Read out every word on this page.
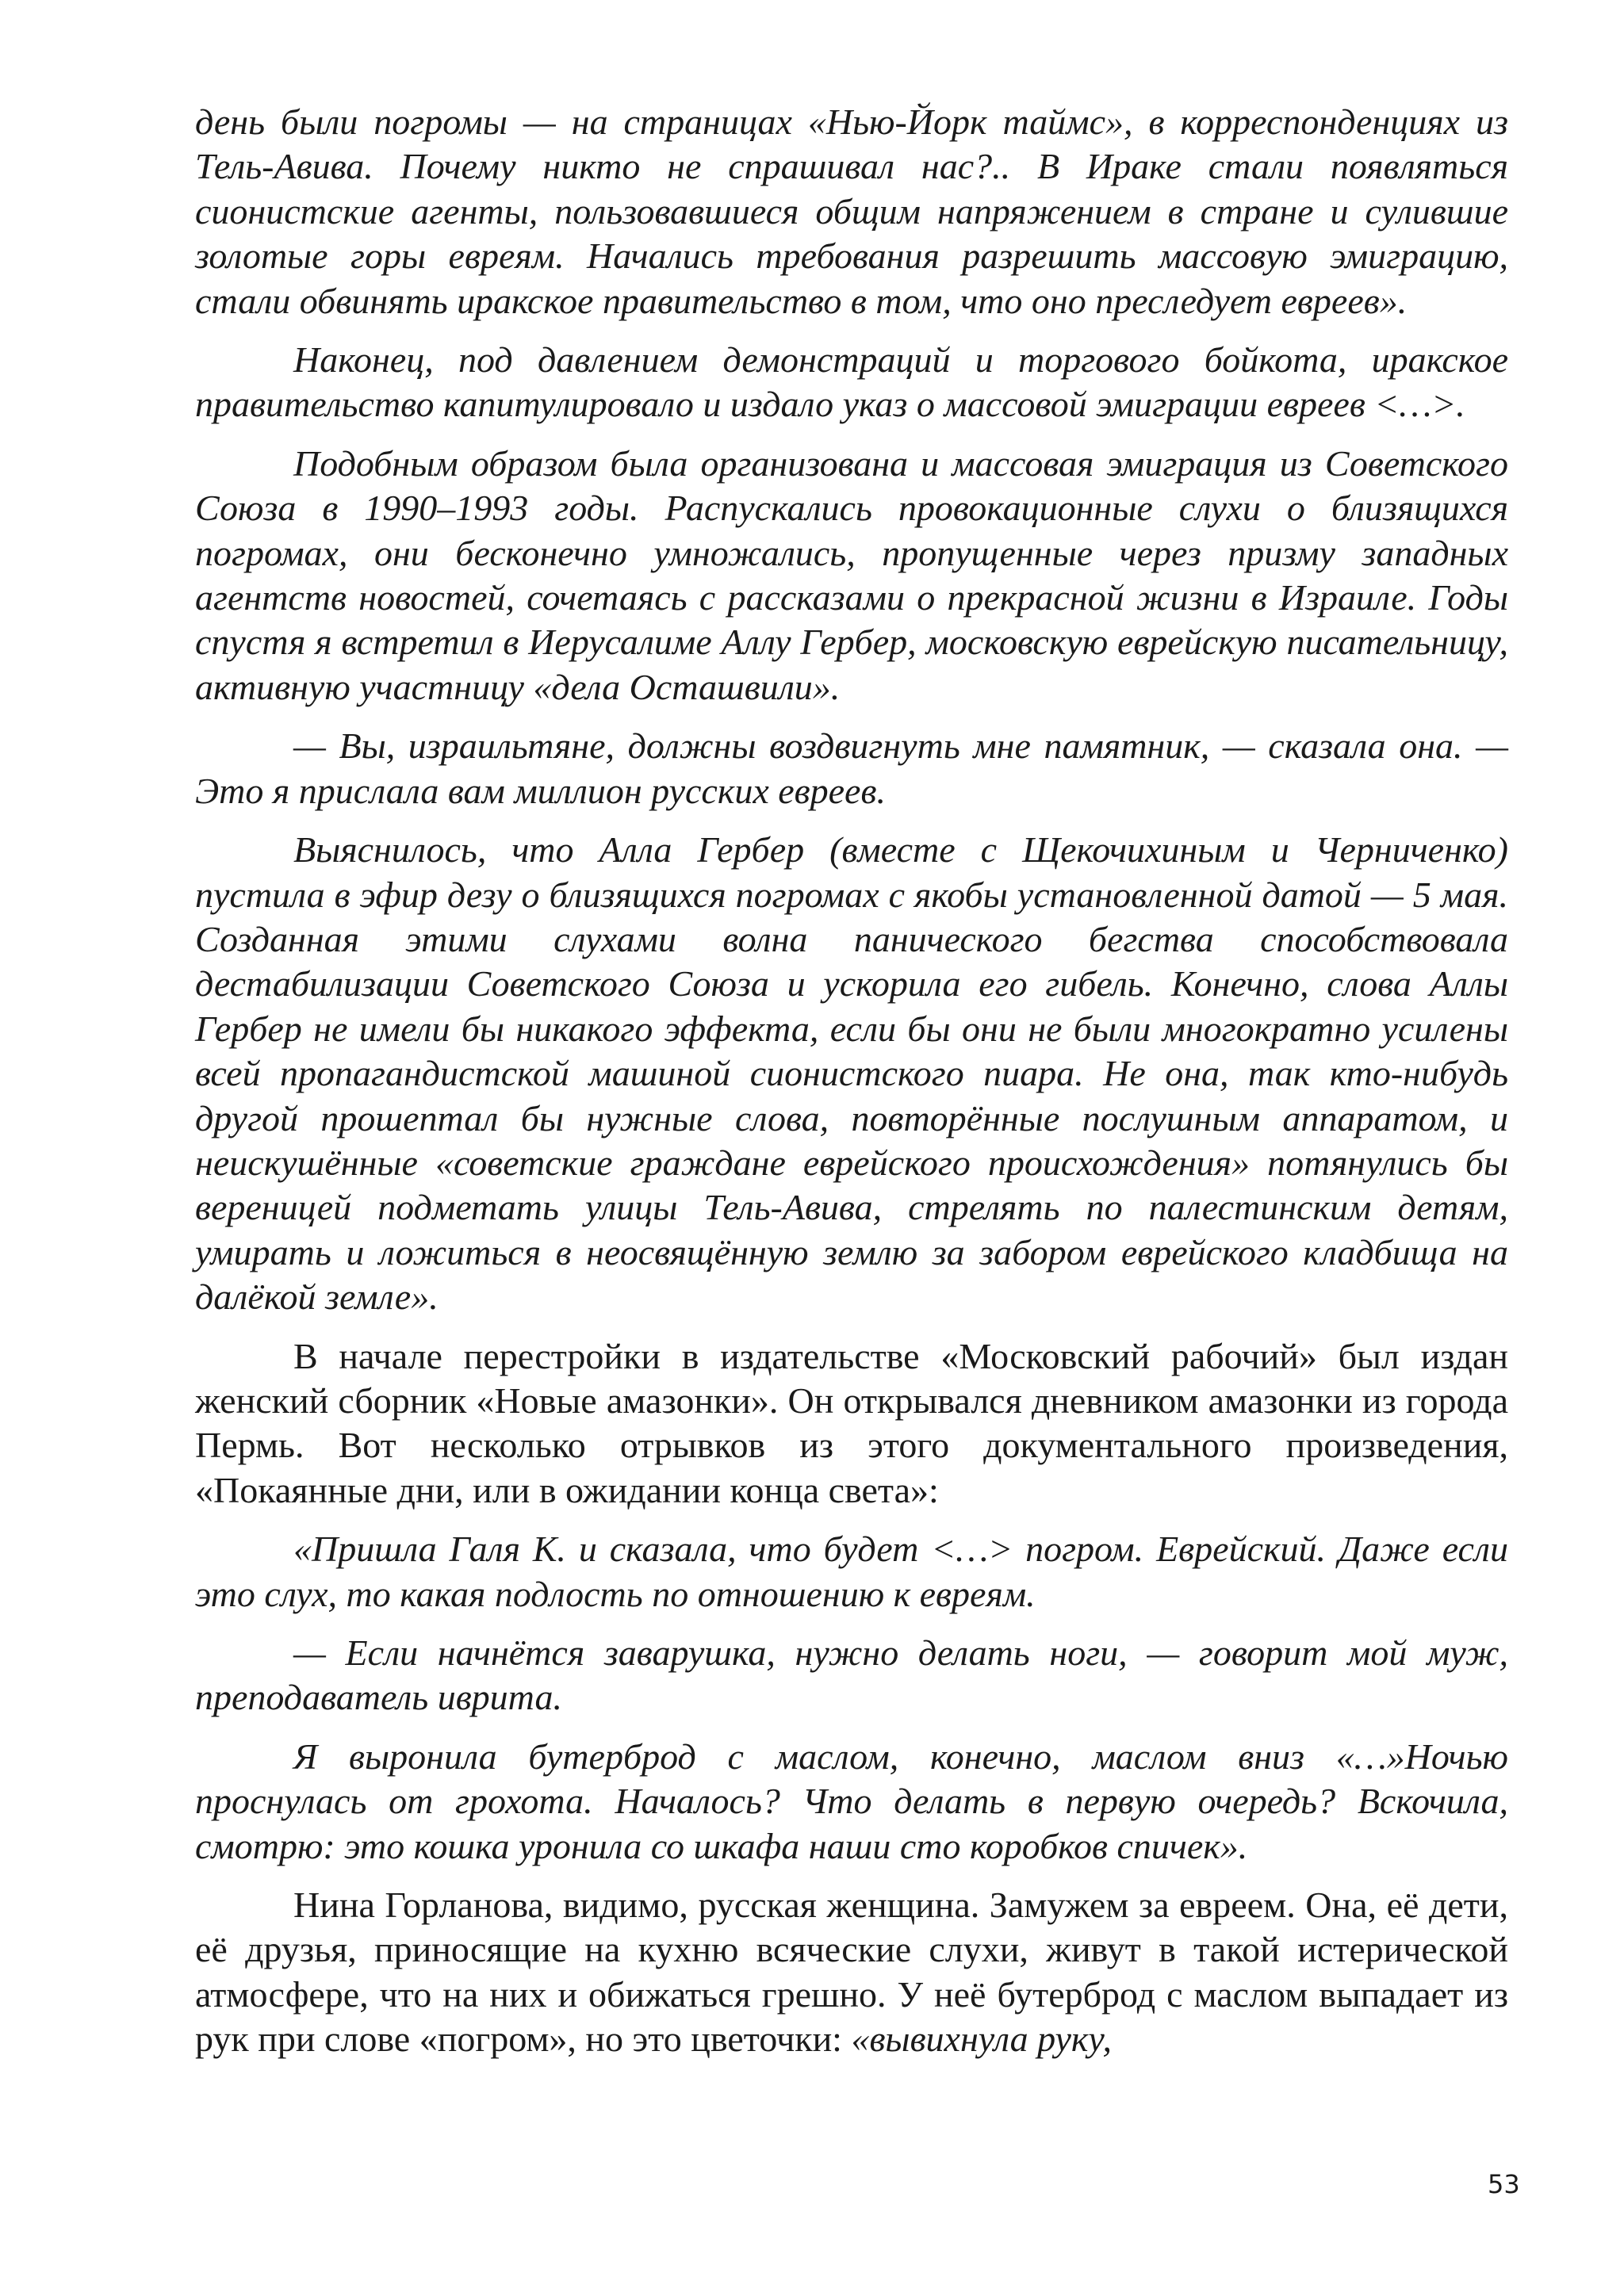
день были погромы — на страницах «Нью-Йорк таймс», в корреспонденциях из Тель-Авива. Почему никто не спрашивал нас?.. В Ираке стали появляться сионистские агенты, пользовавшиеся общим напряжением в стране и сулившие золотые горы евреям. Начались требования разрешить массовую эмиграцию, стали обвинять иракское правительство в том, что оно преследует евреев».

Наконец, под давлением демонстраций и торгового бойкота, иракское правительство капитулировало и издало указ о массовой эмиграции евреев <…>.

Подобным образом была организована и массовая эмиграция из Советского Союза в 1990–1993 годы. Распускались провокационные слухи о близящихся погромах, они бесконечно умножались, пропущенные через призму западных агентств новостей, сочетаясь с рассказами о прекрасной жизни в Израиле. Годы спустя я встретил в Иерусалиме Аллу Гербер, московскую еврейскую писательницу, активную участницу «дела Осташвили».

— Вы, израильтяне, должны воздвигнуть мне памятник, — сказала она. — Это я прислала вам миллион русских евреев.

Выяснилось, что Алла Гербер (вместе с Щекочихиным и Черниченко) пустила в эфир дезу о близящихся погромах с якобы установленной датой — 5 мая. Созданная этими слухами волна панического бегства способствовала дестабилизации Советского Союза и ускорила его гибель. Конечно, слова Аллы Гербер не имели бы никакого эффекта, если бы они не были многократно усилены всей пропагандистской машиной сионистского пиара. Не она, так кто-нибудь другой прошептал бы нужные слова, повторённые послушным аппаратом, и неискушённые «советские граждане еврейского происхождения» потянулись бы вереницей подметать улицы Тель-Авива, стрелять по палестинским детям, умирать и ложиться в неосвящённую землю за забором еврейского кладбища на далёкой земле».

В начале перестройки в издательстве «Московский рабочий» был издан женский сборник «Новые амазонки». Он открывался дневником амазонки из города Пермь. Вот несколько отрывков из этого документального произведения, «Покаянные дни, или в ожидании конца света»:

«Пришла Галя К. и сказала, что будет <…> погром. Еврейский. Даже если это слух, то какая подлость по отношению к евреям.

— Если начнётся заварушка, нужно делать ноги, — говорит мой муж, преподаватель иврита.

Я выронила бутерброд с маслом, конечно, маслом вниз «…»Ночью проснулась от грохота. Началось? Что делать в первую очередь? Вскочила, смотрю: это кошка уронила со шкафа наши сто коробков спичек».

Нина Горланова, видимо, русская женщина. Замужем за евреем. Она, её дети, её друзья, приносящие на кухню всяческие слухи, живут в такой истерической атмосфере, что на них и обижаться грешно. У неё бутерброд с маслом выпадает из рук при слове «погром», но это цветочки: «вывихнула руку,

53
